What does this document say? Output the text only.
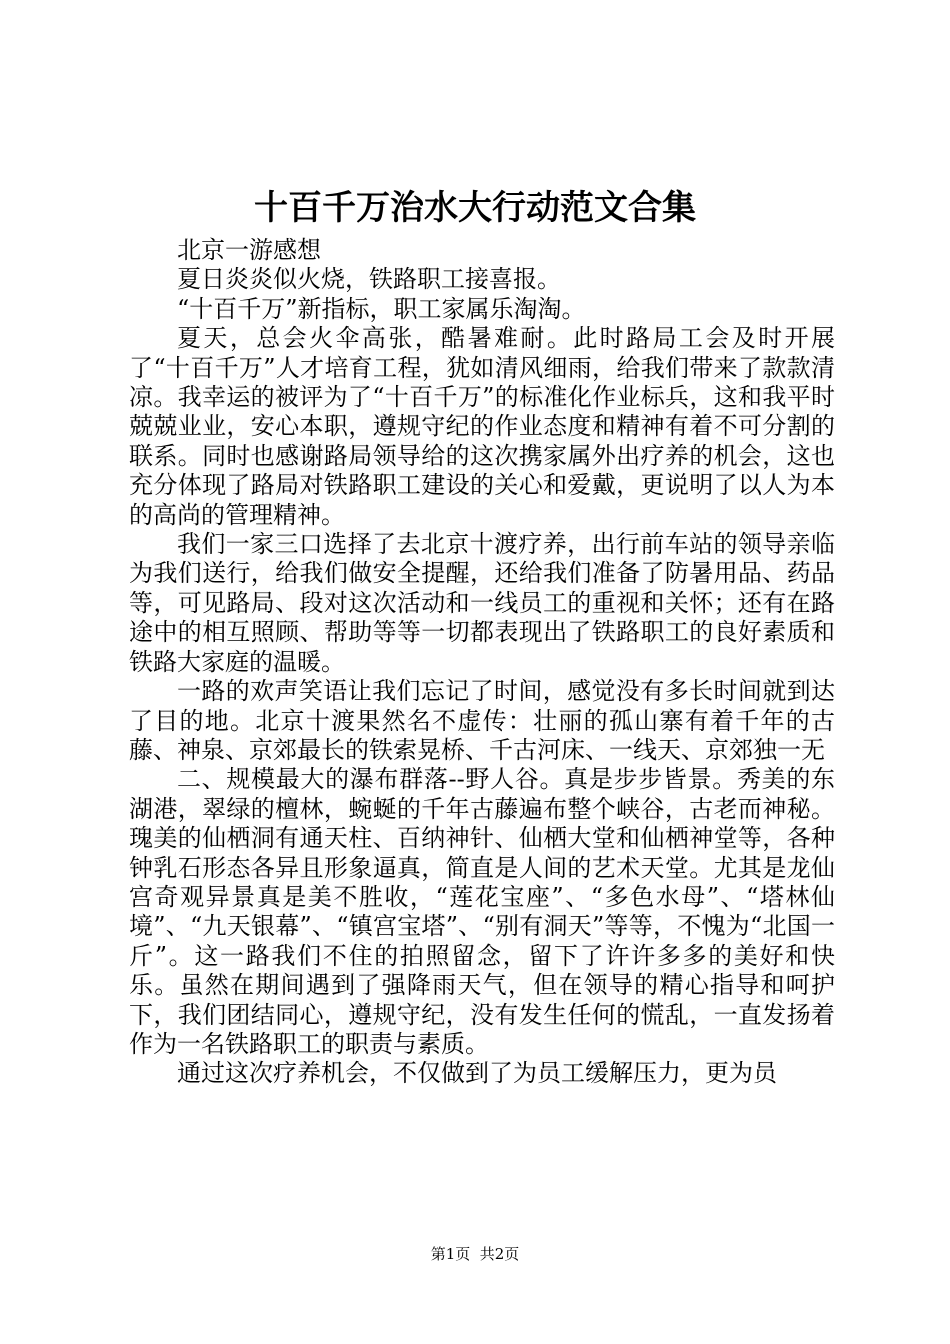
十百千万治水大行动范文合集

北京一游感想

夏日炎炎似火烧，铁路职工接喜报。

“十百千万”新指标，职工家属乐淘淘。

夏天，总会火伞高张，酷暑难耐。此时路局工会及时开展了“十百千万”人才培育工程，犹如清风细雨，给我们带来了款款清凉。我幸运的被评为了“十百千万”的标准化作业标兵，这和我平时兢兢业业，安心本职，遵规守纪的作业态度和精神有着不可分割的联系。同时也感谢路局领导给的这次携家属外出疗养的机会，这也充分体现了路局对铁路职工建设的关心和爱戴，更说明了以人为本的高尚的管理精神。

我们一家三口选择了去北京十渡疗养，出行前车站的领导亲临为我们送行，给我们做安全提醒，还给我们准备了防暑用品、药品等，可见路局、段对这次活动和一线员工的重视和关怀；还有在路途中的相互照顾、帮助等等一切都表现出了铁路职工的良好素质和铁路大家庭的温暖。

一路的欢声笑语让我们忘记了时间，感觉没有多长时间就到达了目的地。北京十渡果然名不虚传：壮丽的孤山寨有着千年的古藤、神泉、京郊最长的铁索晃桥、千古河床、一线天、京郊独一无

二、规模最大的瀑布群落--野人谷。真是步步皆景。秀美的东湖港，翠绿的檀林，蜿蜒的千年古藤遍布整个峡谷，古老而神秘。瑰美的仙栖洞有通天柱、百纳神针、仙栖大堂和仙栖神堂等，各种钟乳石形态各异且形象逼真，简直是人间的艺术天堂。尤其是龙仙宫奇观异景真是美不胜收，“莲花宝座”、“多色水母”、“塔林仙境”、“九天银幕”、“镇宫宝塔”、“别有洞天”等等，不愧为“北国一斤”。这一路我们不住的拍照留念，留下了许许多多的美好和快乐。虽然在期间遇到了强降雨天气，但在领导的精心指导和呵护下，我们团结同心，遵规守纪，没有发生任何的慌乱，一直发扬着作为一名铁路职工的职责与素质。

通过这次疗养机会，不仅做到了为员工缓解压力，更为员

第1页  共2页
